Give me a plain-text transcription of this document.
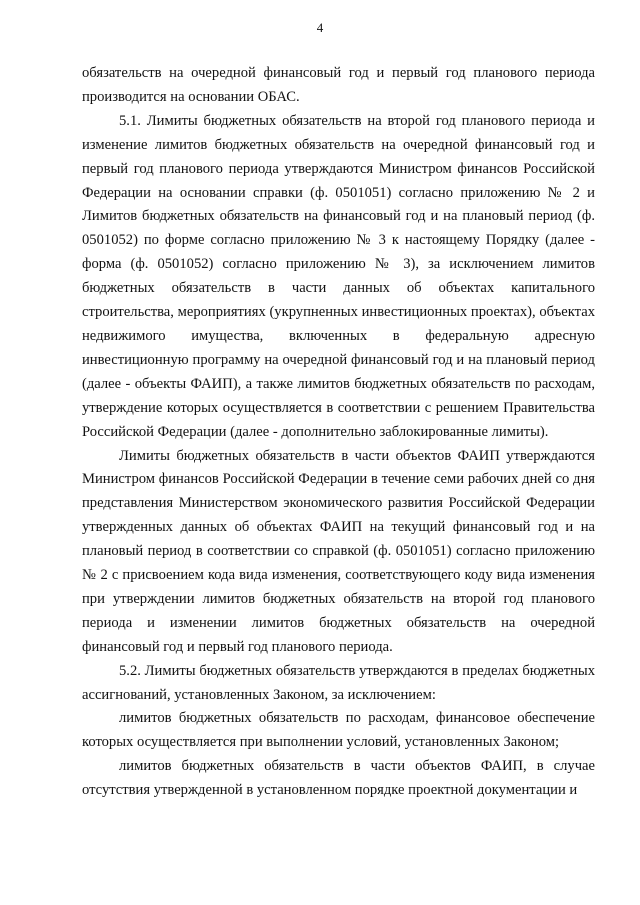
4

обязательств на очередной финансовый год и первый год планового периода производится на основании ОБАС.

5.1. Лимиты бюджетных обязательств на второй год планового периода и изменение лимитов бюджетных обязательств на очередной финансовый год и первый год планового периода утверждаются Министром финансов Российской Федерации на основании справки (ф. 0501051) согласно приложению № 2 и Лимитов бюджетных обязательств на финансовый год и на плановый период (ф. 0501052) по форме согласно приложению № 3 к настоящему Порядку (далее - форма (ф. 0501052) согласно приложению № 3), за исключением лимитов бюджетных обязательств в части данных об объектах капитального строительства, мероприятиях (укрупненных инвестиционных проектах), объектах недвижимого имущества, включенных в федеральную адресную инвестиционную программу на очередной финансовый год и на плановый период (далее - объекты ФАИП), а также лимитов бюджетных обязательств по расходам, утверждение которых осуществляется в соответствии с решением Правительства Российской Федерации (далее - дополнительно заблокированные лимиты).

Лимиты бюджетных обязательств в части объектов ФАИП утверждаются Министром финансов Российской Федерации в течение семи рабочих дней со дня представления Министерством экономического развития Российской Федерации утвержденных данных об объектах ФАИП на текущий финансовый год и на плановый период в соответствии со справкой (ф. 0501051) согласно приложению № 2 с присвоением кода вида изменения, соответствующего коду вида изменения при утверждении лимитов бюджетных обязательств на второй год планового периода и изменении лимитов бюджетных обязательств на очередной финансовый год и первый год планового периода.

5.2. Лимиты бюджетных обязательств утверждаются в пределах бюджетных ассигнований, установленных Законом, за исключением:

лимитов бюджетных обязательств по расходам, финансовое обеспечение которых осуществляется при выполнении условий, установленных Законом;

лимитов бюджетных обязательств в части объектов ФАИП, в случае отсутствия утвержденной в установленном порядке проектной документации и
